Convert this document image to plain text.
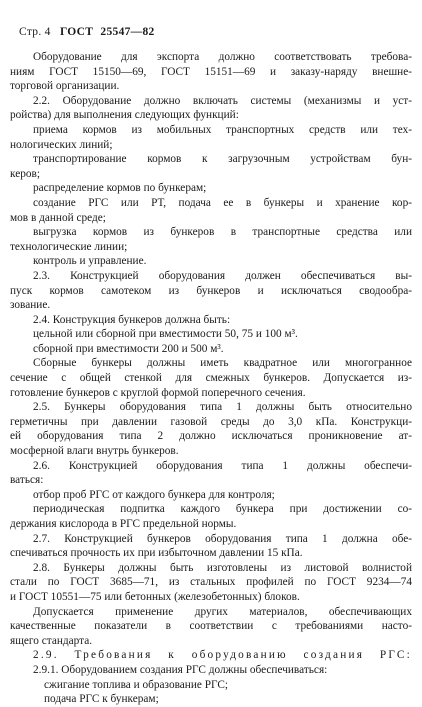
Стр. 4 ГОСТ 25547—82
Оборудование для экспорта должно соответствовать требова-
ниям ГОСТ 15150—69, ГОСТ 15151—69 и заказу-наряду внешне-
торговой организации.
2.2. Оборудование должно включать системы (механизмы и уст-
ройства) для выполнения следующих функций:
приема кормов из мобильных транспортных средств или тех-
нологических линий;
транспортирование кормов к загрузочным устройствам бун-
керов;
распределение кормов по бункерам;
создание РГС или РТ, подача ее в бункеры и хранение кор-
мов в данной среде;
выгрузка кормов из бункеров в транспортные средства или
технологические линии;
контроль и управление.
2.3. Конструкцией оборудования должен обеспечиваться вы-
пуск кормов самотеком из бункеров и исключаться сводообра-
зование.
2.4. Конструкция бункеров должна быть:
цельной или сборной при вместимости 50, 75 и 100 м³.
сборной при вместимости 200 и 500 м³.
Сборные бункеры должны иметь квадратное или многогранное
сечение с общей стенкой для смежных бункеров. Допускается из-
готовление бункеров с круглой формой поперечного сечения.
2.5. Бункеры оборудования типа 1 должны быть относительно
герметичны при давлении газовой среды до 3,0 кПа. Конструкци-
ей оборудования типа 2 должно исключаться проникновение ат-
мосферной влаги внутрь бункеров.
2.6. Конструкцией оборудования типа 1 должны обеспечи-
ваться:
отбор проб РГС от каждого бункера для контроля;
периодическая подпитка каждого бункера при достижении со-
держания кислорода в РГС предельной нормы.
2.7. Конструкцией бункеров оборудования типа 1 должна обе-
спечиваться прочность их при избыточном давлении 15 кПа.
2.8. Бункеры должны быть изготовлены из листовой волнистой
стали по ГОСТ 3685—71, из стальных профилей по ГОСТ 9234—74
и ГОСТ 10551—75 или бетонных (железобетонных) блоков.
Допускается применение других материалов, обеспечивающих
качественные показатели в соответствии с требованиями насто-
ящего стандарта.
2.9. Требования к оборудованию создания РГС:
2.9.1. Оборудованием создания РГС должны обеспечиваться:
сжигание топлива и образование РГС;
подача РГС к бункерам;
